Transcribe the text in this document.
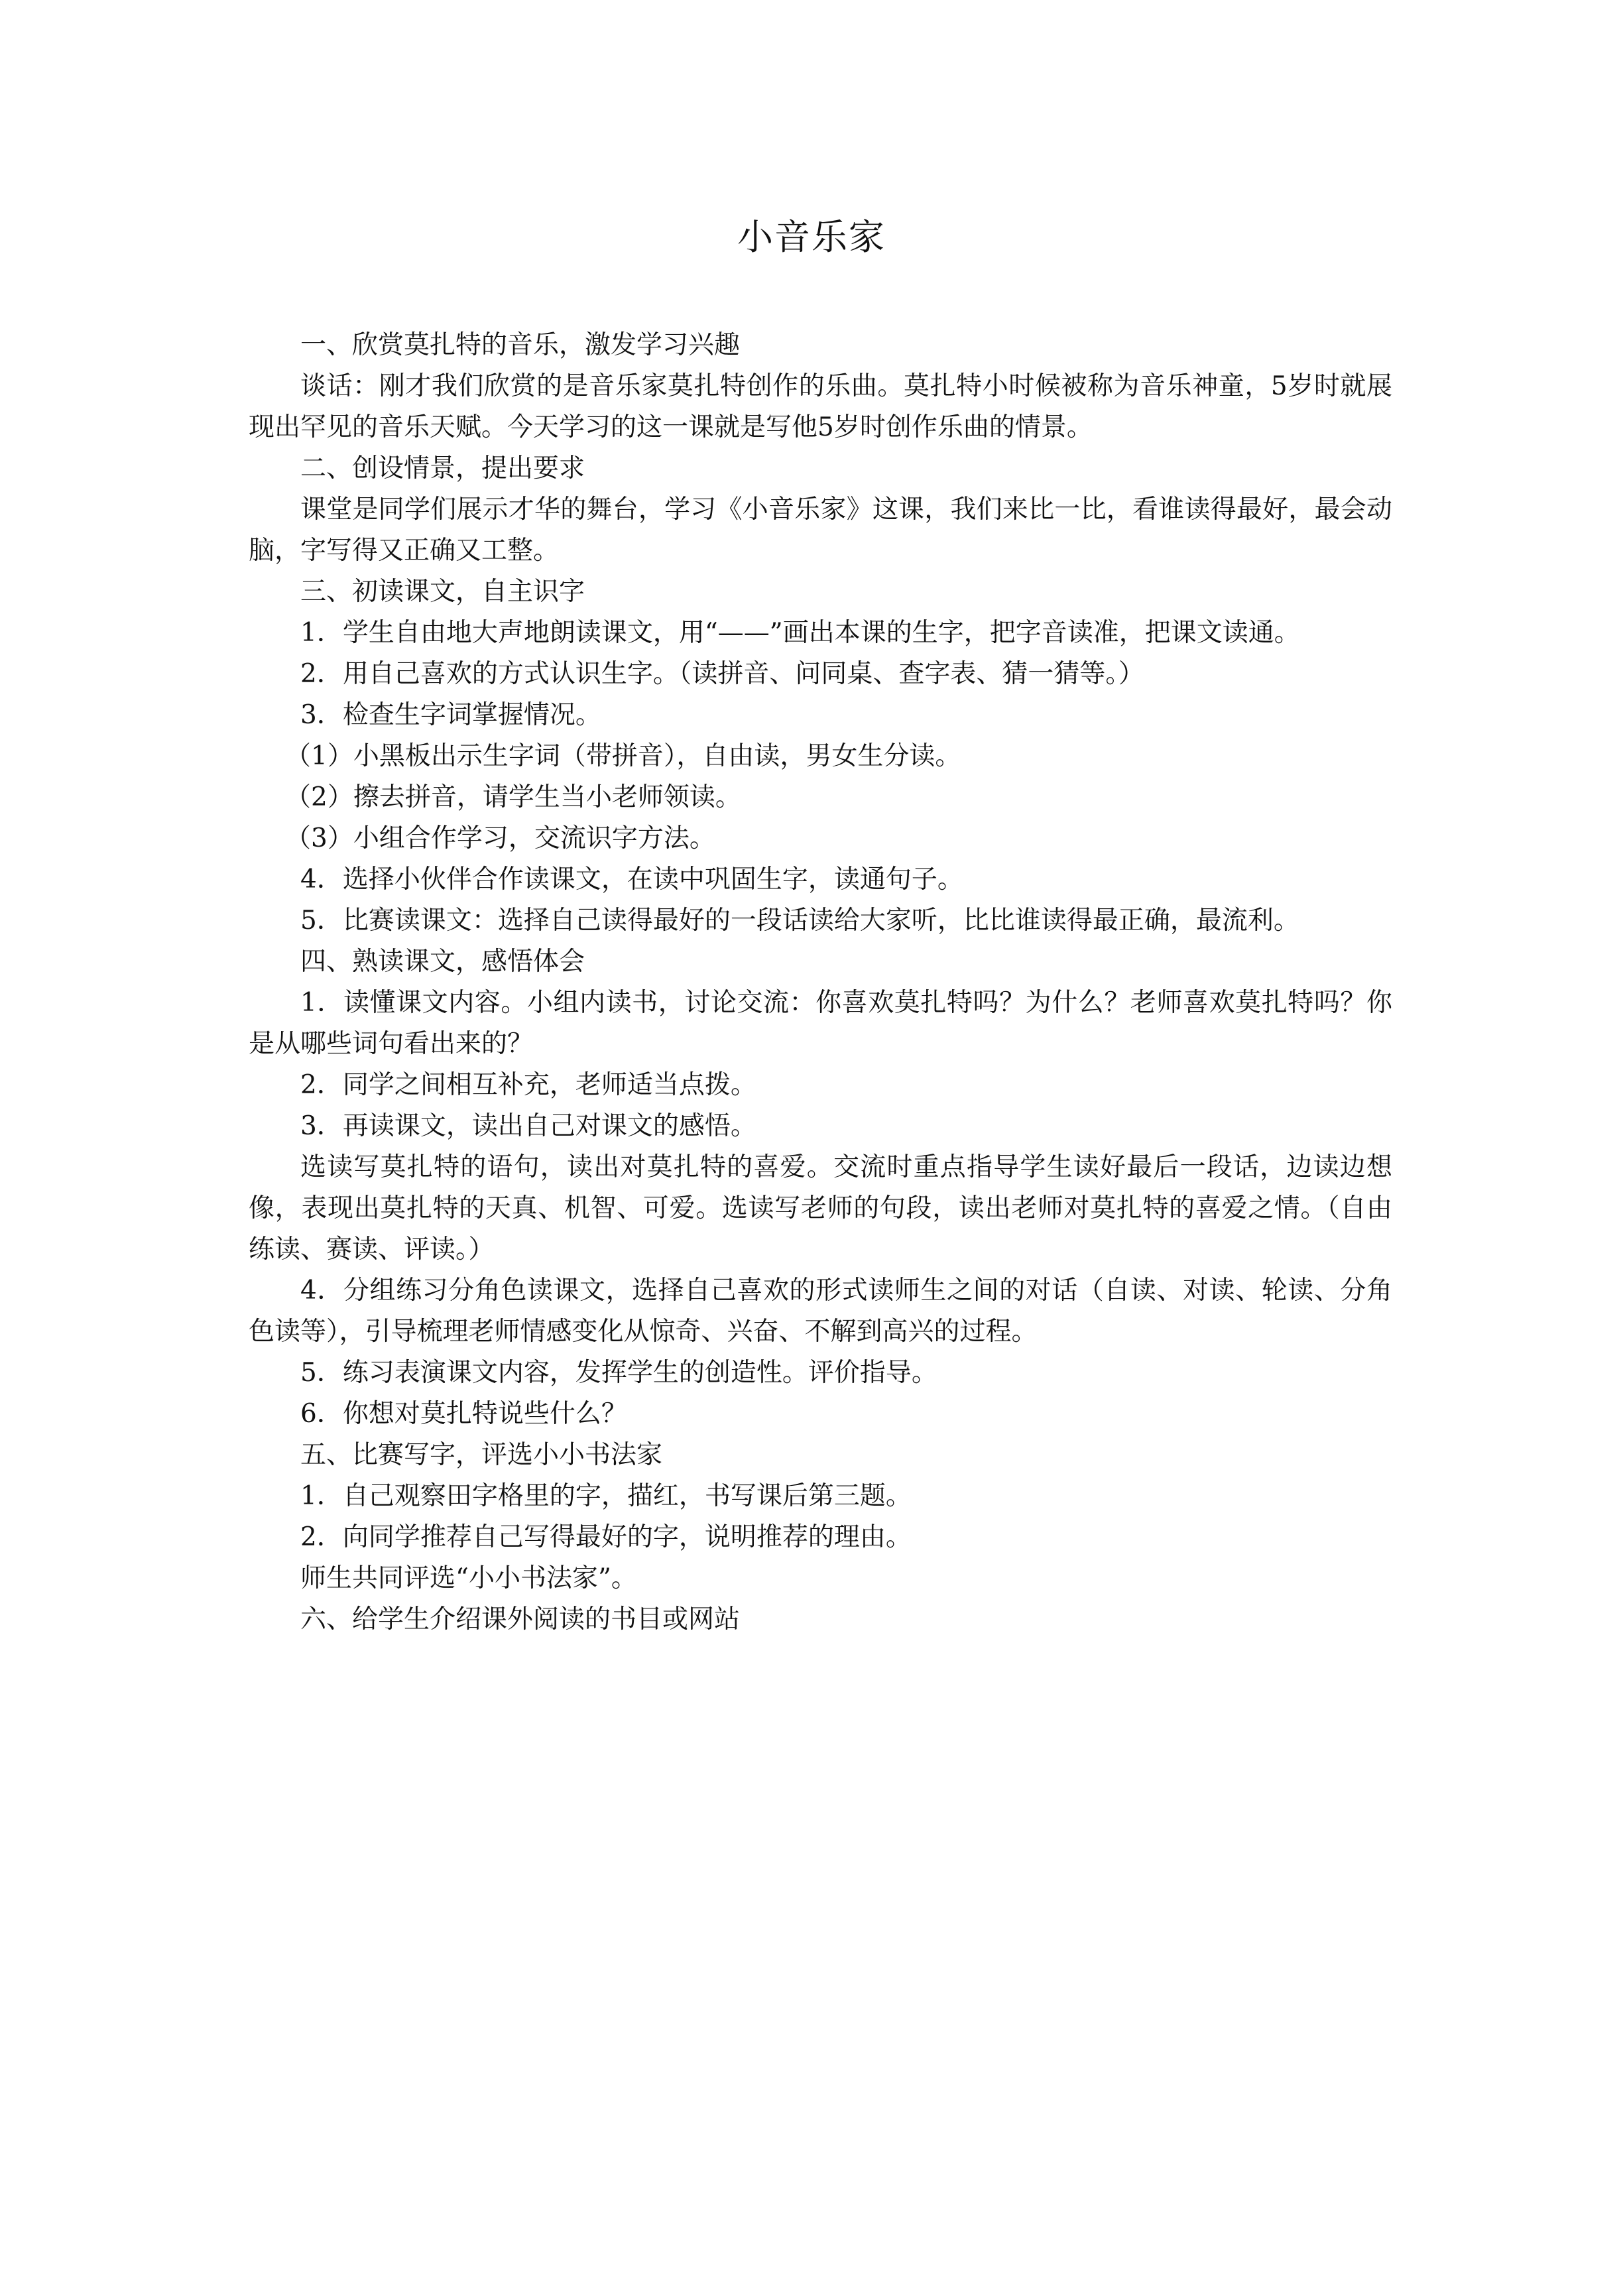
小音乐家

一、欣赏莫扎特的音乐，激发学习兴趣

谈话：刚才我们欣赏的是音乐家莫扎特创作的乐曲。莫扎特小时候被称为音乐神童，5岁时就展现出罕见的音乐天赋。今天学习的这一课就是写他5岁时创作乐曲的情景。

二、创设情景，提出要求

课堂是同学们展示才华的舞台，学习《小音乐家》这课，我们来比一比，看谁读得最好，最会动脑，字写得又正确又工整。

三、初读课文，自主识字

1．学生自由地大声地朗读课文，用“——”画出本课的生字，把字音读准，把课文读通。

2．用自己喜欢的方式认识生字。（读拼音、问同桌、查字表、猜一猜等。）

3．检查生字词掌握情况。

（1）小黑板出示生字词（带拼音），自由读，男女生分读。

（2）擦去拼音，请学生当小老师领读。

（3）小组合作学习，交流识字方法。

4．选择小伙伴合作读课文，在读中巩固生字，读通句子。

5．比赛读课文：选择自己读得最好的一段话读给大家听，比比谁读得最正确，最流利。

四、熟读课文，感悟体会

1．读懂课文内容。小组内读书，讨论交流：你喜欢莫扎特吗？为什么？老师喜欢莫扎特吗？你是从哪些词句看出来的？

2．同学之间相互补充，老师适当点拨。

3．再读课文，读出自己对课文的感悟。

选读写莫扎特的语句，读出对莫扎特的喜爱。交流时重点指导学生读好最后一段话，边读边想像，表现出莫扎特的天真、机智、可爱。选读写老师的句段，读出老师对莫扎特的喜爱之情。（自由练读、赛读、评读。）

4．分组练习分角色读课文，选择自己喜欢的形式读师生之间的对话（自读、对读、轮读、分角色读等），引导梳理老师情感变化从惊奇、兴奋、不解到高兴的过程。

5．练习表演课文内容，发挥学生的创造性。评价指导。

6．你想对莫扎特说些什么？

五、比赛写字，评选小小书法家

1．自己观察田字格里的字，描红，书写课后第三题。

2．向同学推荐自己写得最好的字，说明推荐的理由。

师生共同评选“小小书法家”。

六、给学生介绍课外阅读的书目或网站
